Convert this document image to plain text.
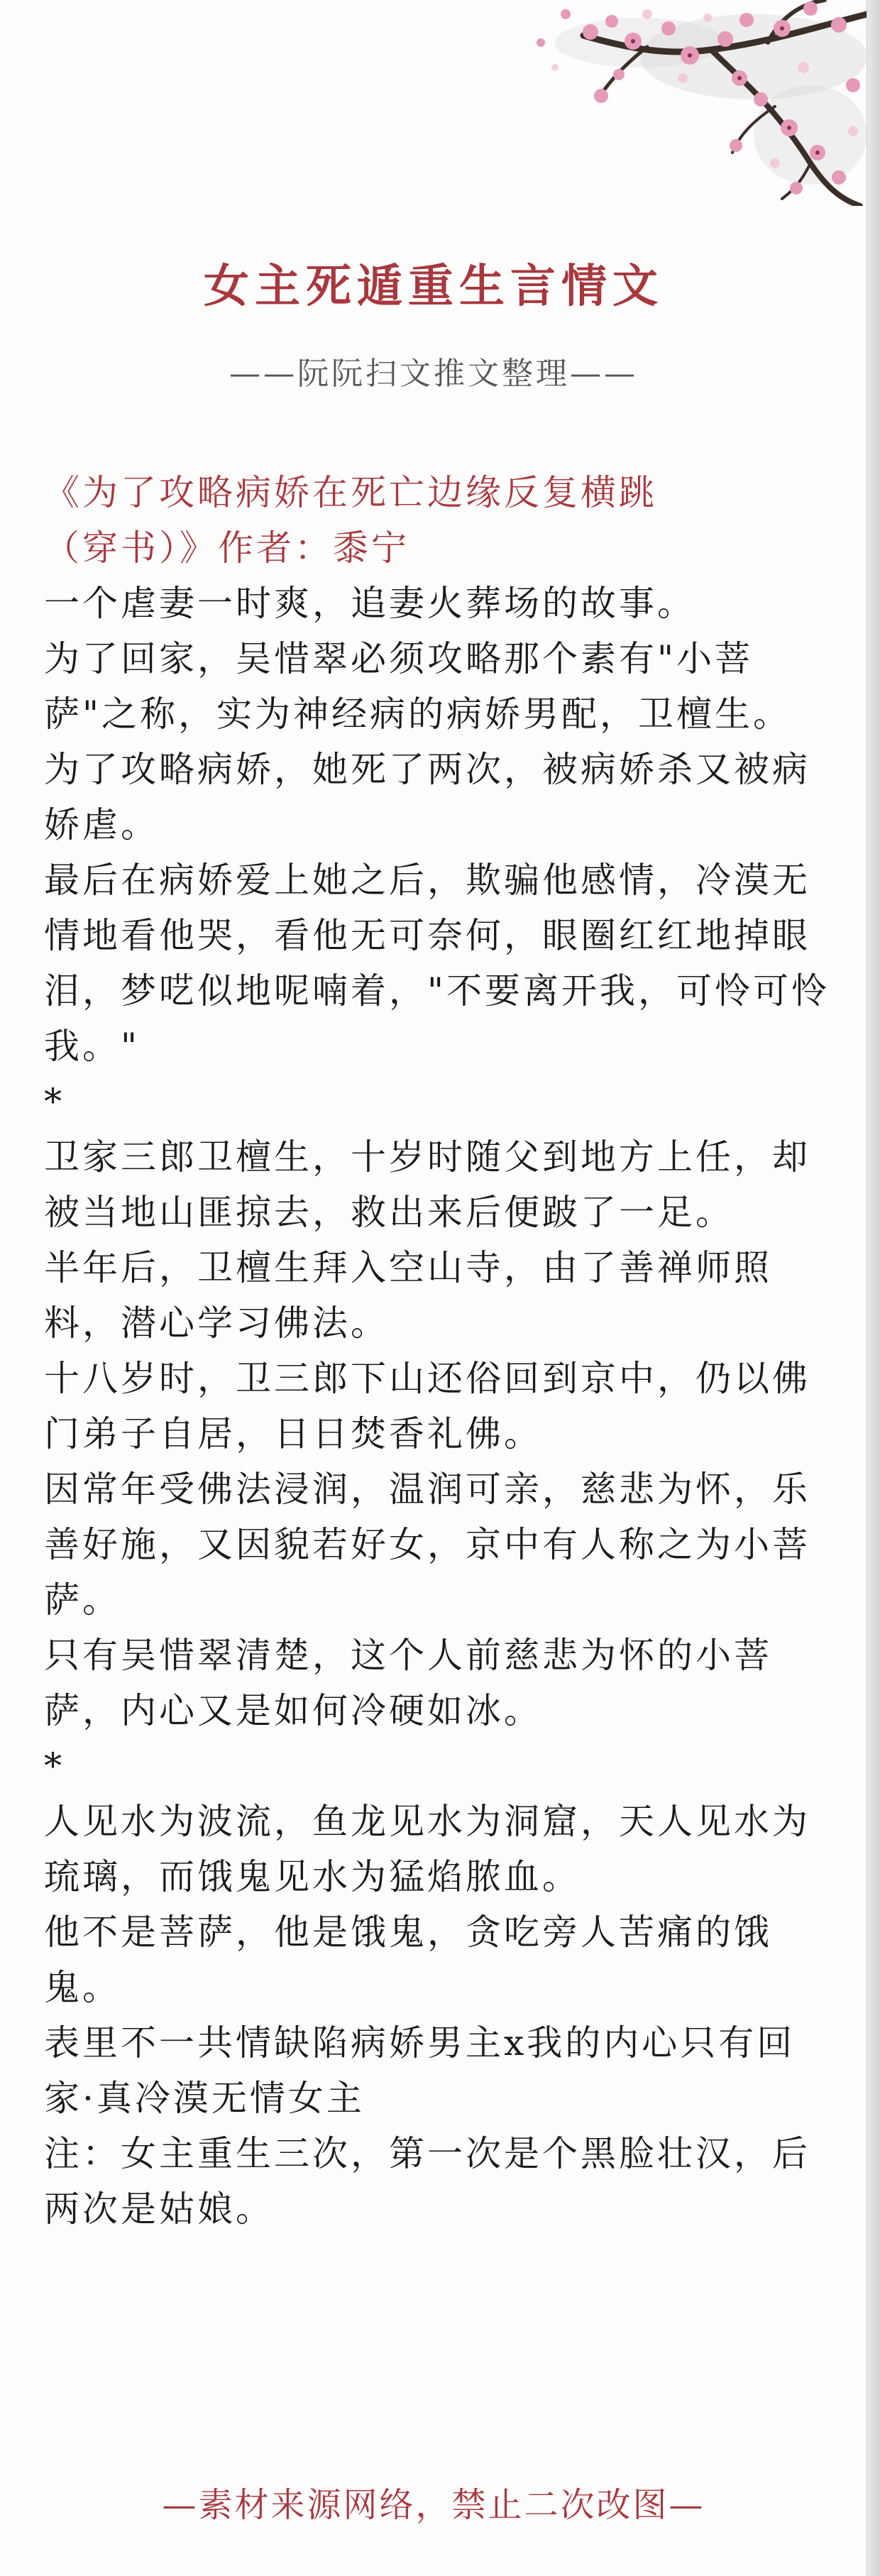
女主死遁重生言情文
——阮阮扫文推文整理——

《为了攻略病娇在死亡边缘反复横跳

（穿书）》作者：黍宁

一个虐妻一时爽，追妻火葬场的故事。

为了回家，吴惜翠必须攻略那个素有"小菩萨"之称，实为神经病的病娇男配，卫檀生。

为了攻略病娇，她死了两次，被病娇杀又被病娇虐。

最后在病娇爱上她之后，欺骗他感情，冷漠无情地看他哭，看他无可奈何，眼圈红红地掉眼泪，梦呓似地呢喃着，"不要离开我，可怜可怜我。"

*

卫家三郎卫檀生，十岁时随父到地方上任，却被当地山匪掠去，救出来后便跛了一足。

半年后，卫檀生拜入空山寺，由了善禅师照料，潜心学习佛法。

十八岁时，卫三郎下山还俗回到京中，仍以佛门弟子自居，日日焚香礼佛。

因常年受佛法浸润，温润可亲，慈悲为怀，乐善好施，又因貌若好女，京中有人称之为小菩萨。

只有吴惜翠清楚，这个人前慈悲为怀的小菩萨，内心又是如何冷硬如冰。

*

人见水为波流，鱼龙见水为洞窟，天人见水为琉璃，而饿鬼见水为猛焰脓血。

他不是菩萨，他是饿鬼，贪吃旁人苦痛的饿鬼。

表里不一共情缺陷病娇男主x我的内心只有回家·真冷漠无情女主

注：女主重生三次，第一次是个黑脸壮汉，后两次是姑娘。

—素材来源网络，禁止二次改图—
